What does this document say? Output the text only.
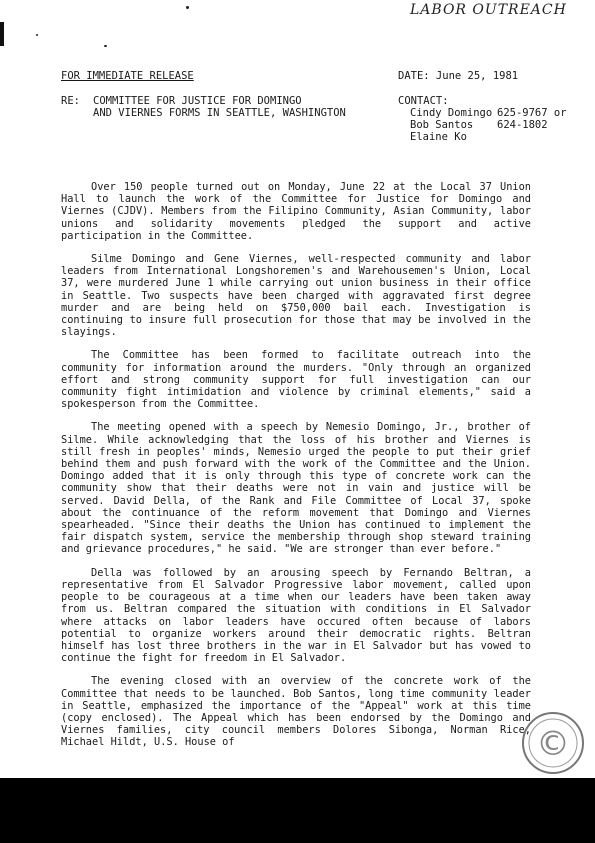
LABOR OUTREACH
FOR IMMEDIATE RELEASE	DATE: June 25, 1981
RE: COMMITTEE FOR JUSTICE FOR DOMINGO
AND VIERNES FORMS IN SEATTLE, WASHINGTON
CONTACT:
Cindy Domingo 625-9767 or
Bob Santos 624-1802
Elaine Ko

Over 150 people turned out on Monday, June 22 at the Local 37 Union Hall to launch the work of the Committee for Justice for Domingo and Viernes (CJDV). Members from the Filipino Community, Asian Community, labor unions and solidarity movements pledged the support and active participation in the Committee.

Silme Domingo and Gene Viernes, well-respected community and labor leaders from International Longshoremen's and Warehousemen's Union, Local 37, were murdered June 1 while carrying out union business in their office in Seattle. Two suspects have been charged with aggravated first degree murder and are being held on $750,000 bail each. Investigation is continuing to insure full prosecution for those that may be involved in the slayings.

The Committee has been formed to facilitate outreach into the community for information around the murders. "Only through an organized effort and strong community support for full investigation can our community fight intimidation and violence by criminal elements," said a spokesperson from the Committee.

The meeting opened with a speech by Nemesio Domingo, Jr., brother of Silme. While acknowledging that the loss of his brother and Viernes is still fresh in peoples' minds, Nemesio urged the people to put their grief behind them and push forward with the work of the Committee and the Union. Domingo added that it is only through this type of concrete work can the community show that their deaths were not in vain and justice will be served. David Della, of the Rank and File Committee of Local 37, spoke about the continuance of the reform movement that Domingo and Viernes spearheaded. "Since their deaths the Union has continued to implement the fair dispatch system, service the membership through shop steward training and grievance procedures," he said. "We are stronger than ever before."

Della was followed by an arousing speech by Fernando Beltran, a representative from El Salvador Progressive labor movement, called upon people to be courageous at a time when our leaders have been taken away from us. Beltran compared the situation with conditions in El Salvador where attacks on labor leaders have occured often because of labors potential to organize workers around their democratic rights. Beltran himself has lost three brothers in the war in El Salvador but has vowed to continue the fight for freedom in El Salvador.

The evening closed with an overview of the concrete work of the Committee that needs to be launched. Bob Santos, long time community leader in Seattle, emphasized the importance of the "Appeal" work at this time (copy enclosed). The Appeal which has been endorsed by the Domingo and Viernes families, city council members Dolores Sibonga, Norman Rice, Michael Hildt, U.S. House of	©
